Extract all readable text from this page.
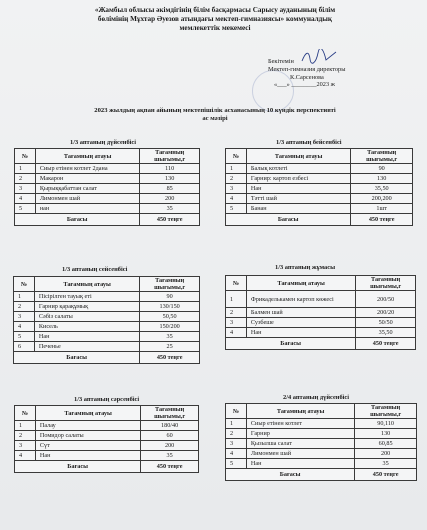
«Жамбыл облысы әкімдігінің білім басқармасы Сарысу ауданының білім
бөлімінің Мұхтар Әуезов атындағы мектеп-гимназиясы» коммуналдық
мемлекеттік мекемесі
Бекітемін
Мектеп-гимназия директоры
К.Сарсенова
«___» ________2023 ж
2023 жылдың ақпан айының мектепішілік асханасының 10 күндік перспективті
ас мәзірі
1/3 аптаның дүйсенбісі
№	Тағамның атауы	Тағамның шығымы,г
1	Сиыр етінен котлет 2дана	110
2	Макарон	130
3	Қырыққабаттан салат	85
4	Лимонмен шай	200
5	нан	35
Бағасы		450 теңге
1/3 аптаның бейсенбісі
№	Тағамның атауы	Тағамның шығымы,г
1	Балық котлеті	90
2	Гарнир: картоп езбесі	130
3	Нан	35,50
4	Тәтті шай	200,200
5	Банан	1шт
Бағасы		450 теңге
1/3 аптаның сейсенбісі
№	Тағамның атауы	Тағамның шығымы,г
1	Пісірілген тауық еті	90
2	Гарнир қарақұмық	130/150
3	Сәбіз салаты	50,50
4	Кисель	150/200
5	Нан	35
6	Печенье	25
Бағасы		450 теңге
1/3 аптаның жұмасы
№	Тағамның атауы	Тағамның шығымы,г
1	Фрикаделькамен картоп көжесі	200/50
2	Балмен шай	200/20
3	Сузбеше	50/50
4	Нан	35,50
Бағасы		450 теңге
1/3 аптаның сәрсенбісі
№	Тағамның атауы	Тағамның шығымы,г
1	Палау	180/40
2	Помидор салаты	60
3	Сүт	200
4	Нан	35
Бағасы		450 теңге
2/4 аптаның дүйсенбісі
№	Тағамның атауы	Тағамның шығымы,г
1	Сиыр етінен котлет	90,110
2	Гарнир	130
3	Қызылша салат	60,85
4	Лимонмен шай	200
5	Нан	35
Бағасы		450 теңге
